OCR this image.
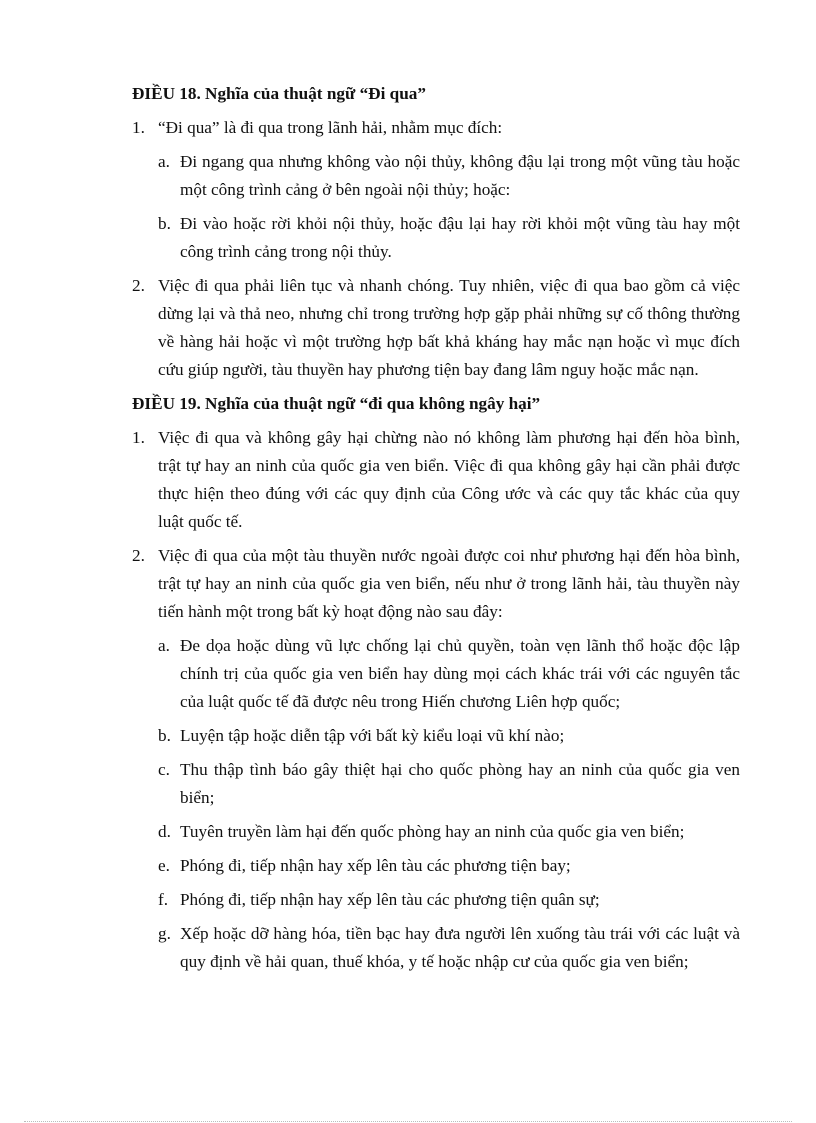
ĐIỀU 18. Nghĩa của thuật ngữ “Đi qua”
1. “Đi qua” là đi qua trong lãnh hải, nhằm mục đích:
a. Đi ngang qua nhưng không vào nội thủy, không đậu lại trong một vũng tàu hoặc một công trình cảng ở bên ngoài nội thủy; hoặc:
b. Đi vào hoặc rời khỏi nội thủy, hoặc đậu lại hay rời khỏi một vũng tàu hay một công trình cảng trong nội thủy.
2. Việc đi qua phải liên tục và nhanh chóng. Tuy nhiên, việc đi qua bao gồm cả việc dừng lại và thả neo, nhưng chỉ trong trường hợp gặp phải những sự cố thông thường về hàng hải hoặc vì một trường hợp bất khả kháng hay mắc nạn hoặc vì mục đích cứu giúp người, tàu thuyền hay phương tiện bay đang lâm nguy hoặc mắc nạn.
ĐIỀU 19. Nghĩa của thuật ngữ “đi qua không ngây hại”
1. Việc đi qua và không gây hại chừng nào nó không làm phương hại đến hòa bình, trật tự hay an ninh của quốc gia ven biển. Việc đi qua không gây hại cần phải được thực hiện theo đúng với các quy định của Công ước và các quy tắc khác của quy luật quốc tế.
2. Việc đi qua của một tàu thuyền nước ngoài được coi như phương hại đến hòa bình, trật tự hay an ninh của quốc gia ven biển, nếu như ở trong lãnh hải, tàu thuyền này tiến hành một trong bất kỳ hoạt động nào sau đây:
a. Đe dọa hoặc dùng vũ lực chống lại chủ quyền, toàn vẹn lãnh thổ hoặc độc lập chính trị của quốc gia ven biển hay dùng mọi cách khác trái với các nguyên tắc của luật quốc tế đã được nêu trong Hiến chương Liên hợp quốc;
b. Luyện tập hoặc diễn tập với bất kỳ kiểu loại vũ khí nào;
c. Thu thập tình báo gây thiệt hại cho quốc phòng hay an ninh của quốc gia ven biển;
d. Tuyên truyền làm hại đến quốc phòng hay an ninh của quốc gia ven biển;
e. Phóng đi, tiếp nhận hay xếp lên tàu các phương tiện bay;
f. Phóng đi, tiếp nhận hay xếp lên tàu các phương tiện quân sự;
g. Xếp hoặc dỡ hàng hóa, tiền bạc hay đưa người lên xuống tàu trái với các luật và quy định về hải quan, thuế khóa, y tế hoặc nhập cư của quốc gia ven biển;
